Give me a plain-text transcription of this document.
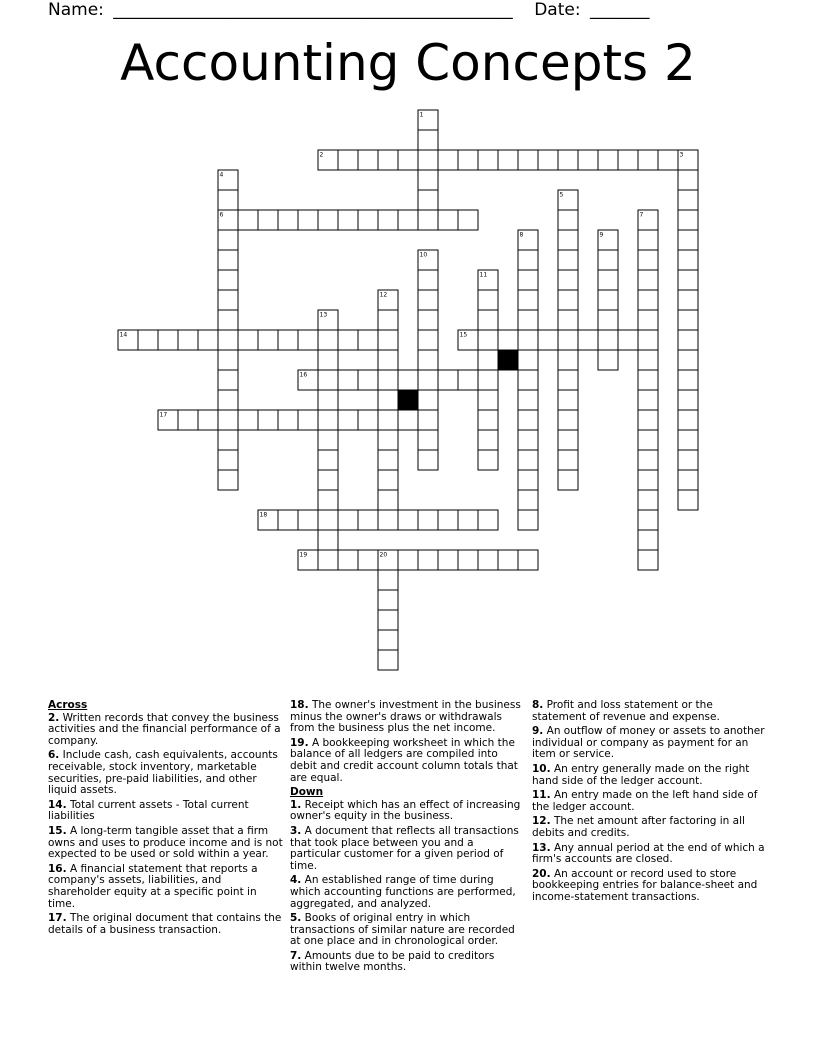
Name: _______________________________________________ Date: _______
Accounting Concepts 2
1
2	3
4
5
6	7
8	9
10
11
12
13
14	15
16
17
18
19	20
Across
2. Written records that convey the business activities and the financial performance of a company.
6. Include cash, cash equivalents, accounts receivable, stock inventory, marketable securities, pre-paid liabilities, and other liquid assets.
14. Total current assets - Total current liabilities
15. A long-term tangible asset that a firm owns and uses to produce income and is not expected to be used or sold within a year.
16. A financial statement that reports a company's assets, liabilities, and shareholder equity at a specific point in time.
17. The original document that contains the details of a business transaction.
18. The owner's investment in the business minus the owner's draws or withdrawals from the business plus the net income.
19. A bookkeeping worksheet in which the balance of all ledgers are compiled into debit and credit account column totals that are equal.
Down
1. Receipt which has an effect of increasing owner's equity in the business.
3. A document that reflects all transactions that took place between you and a particular customer for a given period of time.
4. An established range of time during which accounting functions are performed, aggregated, and analyzed.
5. Books of original entry in which transactions of similar nature are recorded at one place and in chronological order.
7. Amounts due to be paid to creditors within twelve months.
8. Profit and loss statement or the statement of revenue and expense.
9. An outflow of money or assets to another individual or company as payment for an item or service.
10. An entry generally made on the right hand side of the ledger account.
11. An entry made on the left hand side of the ledger account.
12. The net amount after factoring in all debits and credits.
13. Any annual period at the end of which a firm's accounts are closed.
20. An account or record used to store bookkeeping entries for balance-sheet and income-statement transactions.
